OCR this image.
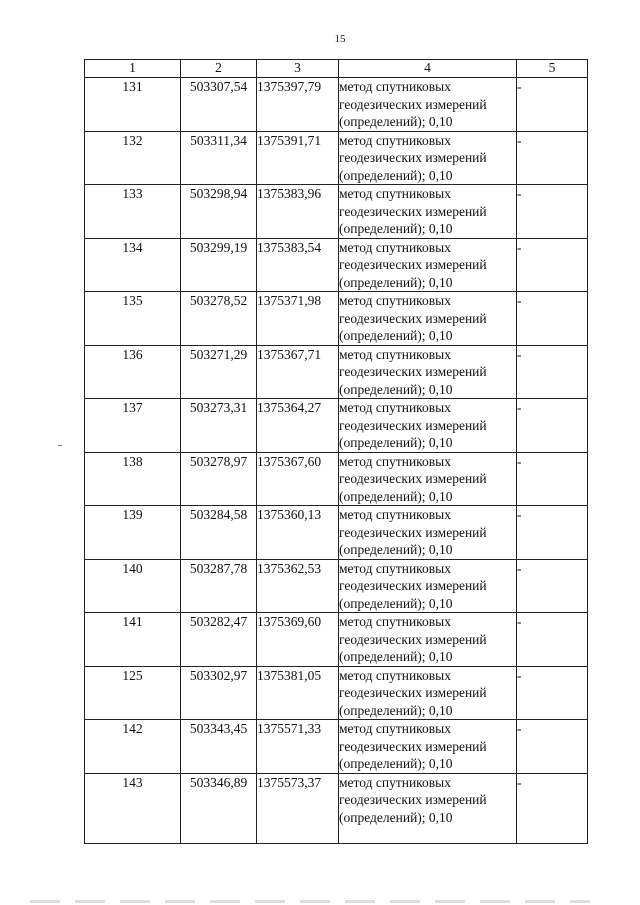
15
1	2	3	4	5
131	503307,54	1375397,79	метод спутниковых
геодезических измерений
(определений); 0,10	-
132	503311,34	1375391,71	метод спутниковых
геодезических измерений
(определений); 0,10	-
133	503298,94	1375383,96	метод спутниковых
геодезических измерений
(определений); 0,10	-
134	503299,19	1375383,54	метод спутниковых
геодезических измерений
(определений); 0,10	-
135	503278,52	1375371,98	метод спутниковых
геодезических измерений
(определений); 0,10	-
136	503271,29	1375367,71	метод спутниковых
геодезических измерений
(определений); 0,10	-
137	503273,31	1375364,27	метод спутниковых
геодезических измерений
(определений); 0,10	-
138	503278,97	1375367,60	метод спутниковых
геодезических измерений
(определений); 0,10	-
139	503284,58	1375360,13	метод спутниковых
геодезических измерений
(определений); 0,10	-
140	503287,78	1375362,53	метод спутниковых
геодезических измерений
(определений); 0,10	-
141	503282,47	1375369,60	метод спутниковых
геодезических измерений
(определений); 0,10	-
125	503302,97	1375381,05	метод спутниковых
геодезических измерений
(определений); 0,10	-
142	503343,45	1375571,33	метод спутниковых
геодезических измерений
(определений); 0,10	-
143	503346,89	1375573,37	метод спутниковых
геодезических измерений
(определений); 0,10	-
